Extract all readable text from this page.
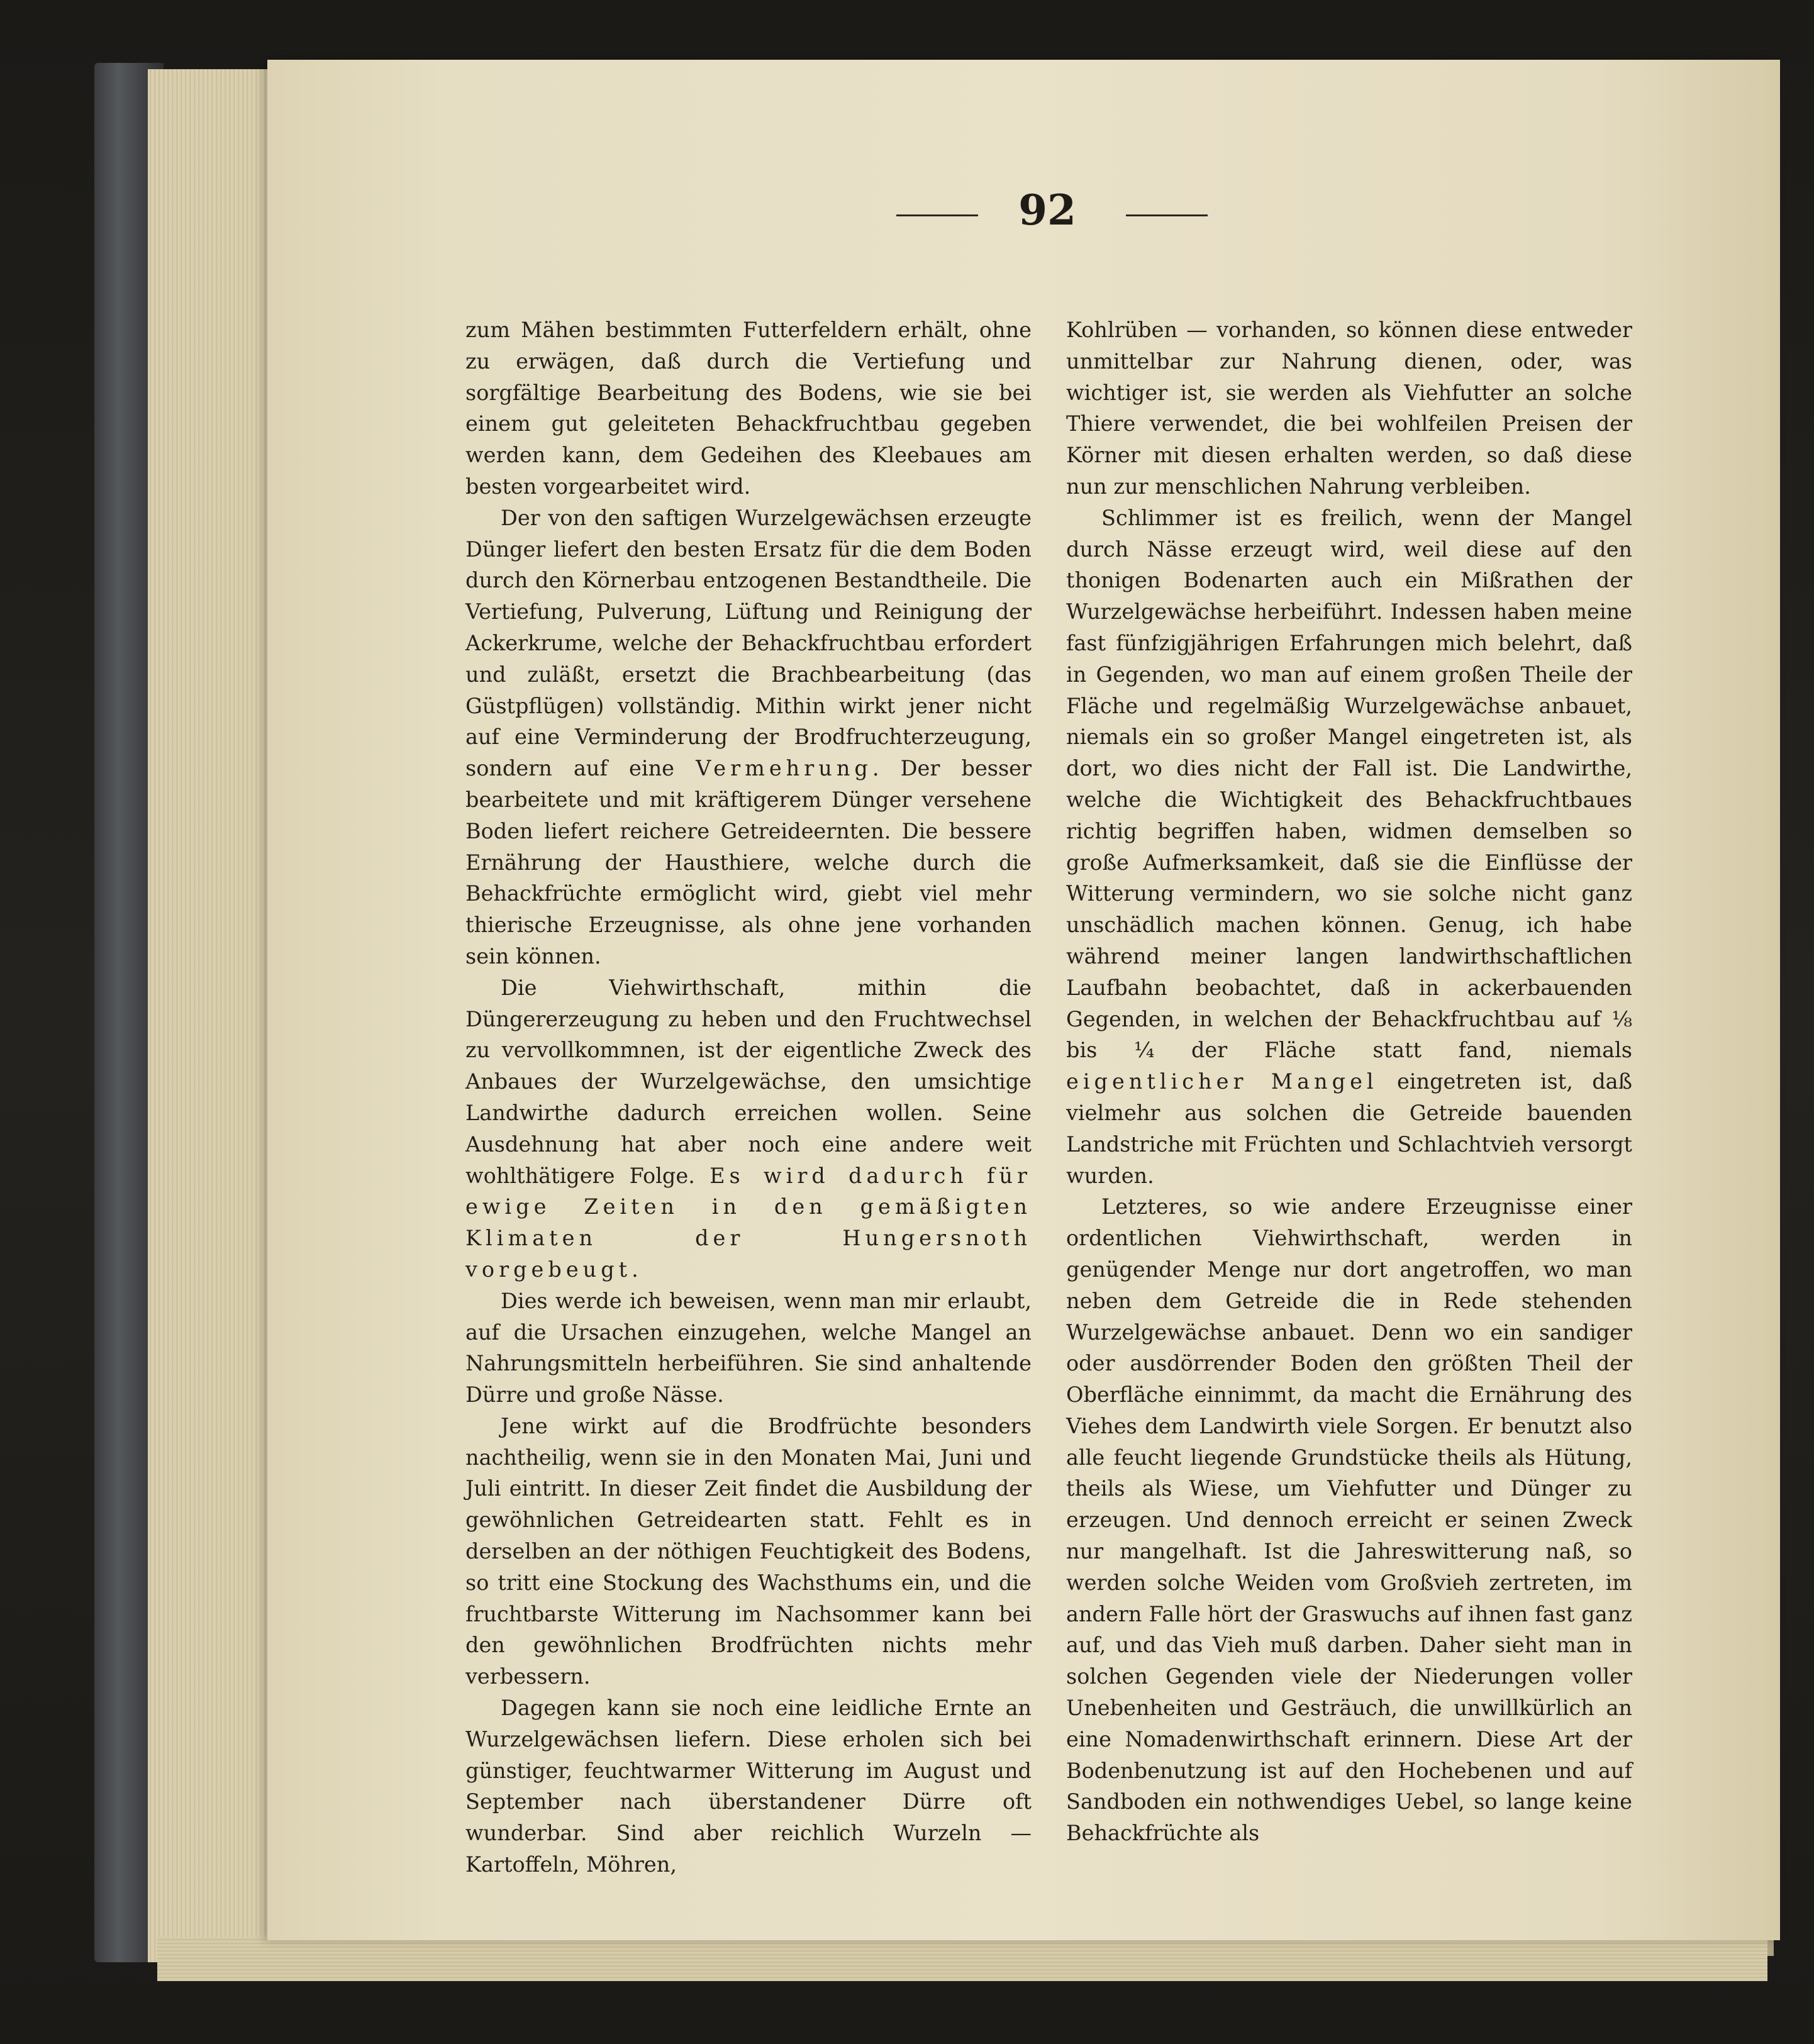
92

zum Mähen bestimmten Futterfeldern erhält, ohne zu erwägen, daß durch die Vertiefung und sorgfältige Bearbeitung des Bodens, wie sie bei einem gut geleiteten Behackfruchtbau gegeben werden kann, dem Gedeihen des Kleebaues am besten vorgearbeitet wird.

Der von den saftigen Wurzelgewächsen erzeugte Dünger liefert den besten Ersatz für die dem Boden durch den Körnerbau entzogenen Bestandtheile. Die Vertiefung, Pulverung, Lüftung und Reinigung der Ackerkrume, welche der Behackfruchtbau erfordert und zuläßt, ersetzt die Brachbearbeitung (das Güstpflügen) vollständig. Mithin wirkt jener nicht auf eine Verminderung der Brodfruchterzeugung, sondern auf eine Vermehrung. Der besser bearbeitete und mit kräftigerem Dünger versehene Boden liefert reichere Getreideernten. Die bessere Ernährung der Hausthiere, welche durch die Behackfrüchte ermöglicht wird, giebt viel mehr thierische Erzeugnisse, als ohne jene vorhanden sein können.

Die Viehwirthschaft, mithin die Düngererzeugung zu heben und den Fruchtwechsel zu vervollkommnen, ist der eigentliche Zweck des Anbaues der Wurzelgewächse, den umsichtige Landwirthe dadurch erreichen wollen. Seine Ausdehnung hat aber noch eine andere weit wohlthätigere Folge. Es wird dadurch für ewige Zeiten in den gemäßigten Klimaten der Hungersnoth vorgebeugt.

Dies werde ich beweisen, wenn man mir erlaubt, auf die Ursachen einzugehen, welche Mangel an Nahrungsmitteln herbeiführen. Sie sind anhaltende Dürre und große Nässe.

Jene wirkt auf die Brodfrüchte besonders nachtheilig, wenn sie in den Monaten Mai, Juni und Juli eintritt. In dieser Zeit findet die Ausbildung der gewöhnlichen Getreidearten statt. Fehlt es in derselben an der nöthigen Feuchtigkeit des Bodens, so tritt eine Stockung des Wachsthums ein, und die fruchtbarste Witterung im Nachsommer kann bei den gewöhnlichen Brodfrüchten nichts mehr verbessern.

Dagegen kann sie noch eine leidliche Ernte an Wurzelgewächsen liefern. Diese erholen sich bei günstiger, feuchtwarmer Witterung im August und September nach überstandener Dürre oft wunderbar. Sind aber reichlich Wurzeln — Kartoffeln, Möhren,

Kohlrüben — vorhanden, so können diese entweder unmittelbar zur Nahrung dienen, oder, was wichtiger ist, sie werden als Viehfutter an solche Thiere verwendet, die bei wohlfeilen Preisen der Körner mit diesen erhalten werden, so daß diese nun zur menschlichen Nahrung verbleiben.

Schlimmer ist es freilich, wenn der Mangel durch Nässe erzeugt wird, weil diese auf den thonigen Bodenarten auch ein Mißrathen der Wurzelgewächse herbeiführt. Indessen haben meine fast fünfzigjährigen Erfahrungen mich belehrt, daß in Gegenden, wo man auf einem großen Theile der Fläche und regelmäßig Wurzelgewächse anbauet, niemals ein so großer Mangel eingetreten ist, als dort, wo dies nicht der Fall ist. Die Landwirthe, welche die Wichtigkeit des Behackfruchtbaues richtig begriffen haben, widmen demselben so große Aufmerksamkeit, daß sie die Einflüsse der Witterung vermindern, wo sie solche nicht ganz unschädlich machen können. Genug, ich habe während meiner langen landwirthschaftlichen Laufbahn beobachtet, daß in ackerbauenden Gegenden, in welchen der Behackfruchtbau auf ⅛ bis ¼ der Fläche statt fand, niemals eigentlicher Mangel eingetreten ist, daß vielmehr aus solchen die Getreide bauenden Landstriche mit Früchten und Schlachtvieh versorgt wurden.

Letzteres, so wie andere Erzeugnisse einer ordentlichen Viehwirthschaft, werden in genügender Menge nur dort angetroffen, wo man neben dem Getreide die in Rede stehenden Wurzelgewächse anbauet. Denn wo ein sandiger oder ausdörrender Boden den größten Theil der Oberfläche einnimmt, da macht die Ernährung des Viehes dem Landwirth viele Sorgen. Er benutzt also alle feucht liegende Grundstücke theils als Hütung, theils als Wiese, um Viehfutter und Dünger zu erzeugen. Und dennoch erreicht er seinen Zweck nur mangelhaft. Ist die Jahreswitterung naß, so werden solche Weiden vom Großvieh zertreten, im andern Falle hört der Graswuchs auf ihnen fast ganz auf, und das Vieh muß darben. Daher sieht man in solchen Gegenden viele der Niederungen voller Unebenheiten und Gesträuch, die unwillkürlich an eine Nomadenwirthschaft erinnern. Diese Art der Bodenbenutzung ist auf den Hochebenen und auf Sandboden ein nothwendiges Uebel, so lange keine Behackfrüchte als
